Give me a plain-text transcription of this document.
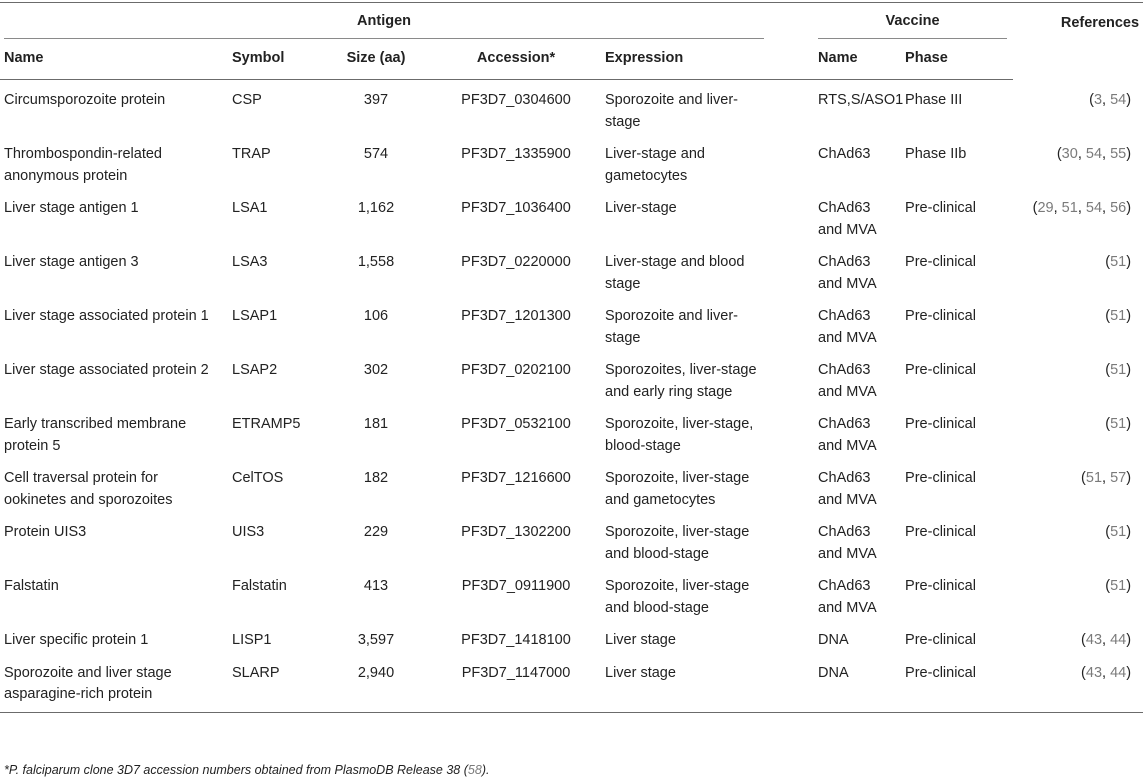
Antigen					Vaccine		References
Name	Symbol	Size (aa)	Accession*	Expression	Name	Phase	
Circumsporozoite protein	CSP	397	PF3D7_0304600	Sporozoite and liver-stage	RTS,S/ASO1	Phase III	(3, 54)
Thrombospondin-related anonymous protein	TRAP	574	PF3D7_1335900	Liver-stage and gametocytes	ChAd63	Phase IIb	(30, 54, 55)
Liver stage antigen 1	LSA1	1,162	PF3D7_1036400	Liver-stage	ChAd63 and MVA	Pre-clinical	(29, 51, 54, 56)
Liver stage antigen 3	LSA3	1,558	PF3D7_0220000	Liver-stage and blood stage	ChAd63 and MVA	Pre-clinical	(51)
Liver stage associated protein 1	LSAP1	106	PF3D7_1201300	Sporozoite and liver-stage	ChAd63 and MVA	Pre-clinical	(51)
Liver stage associated protein 2	LSAP2	302	PF3D7_0202100	Sporozoites, liver-stage and early ring stage	ChAd63 and MVA	Pre-clinical	(51)
Early transcribed membrane protein 5	ETRAMP5	181	PF3D7_0532100	Sporozoite, liver-stage, blood-stage	ChAd63 and MVA	Pre-clinical	(51)
Cell traversal protein for ookinetes and sporozoites	CelTOS	182	PF3D7_1216600	Sporozoite, liver-stage and gametocytes	ChAd63 and MVA	Pre-clinical	(51, 57)
Protein UIS3	UIS3	229	PF3D7_1302200	Sporozoite, liver-stage and blood-stage	ChAd63 and MVA	Pre-clinical	(51)
Falstatin	Falstatin	413	PF3D7_0911900	Sporozoite, liver-stage and blood-stage	ChAd63 and MVA	Pre-clinical	(51)
Liver specific protein 1	LISP1	3,597	PF3D7_1418100	Liver stage	DNA	Pre-clinical	(43, 44)
Sporozoite and liver stage asparagine-rich protein	SLARP	2,940	PF3D7_1147000	Liver stage	DNA	Pre-clinical	(43, 44)
*P. falciparum clone 3D7 accession numbers obtained from PlasmoDB Release 38 (58).
